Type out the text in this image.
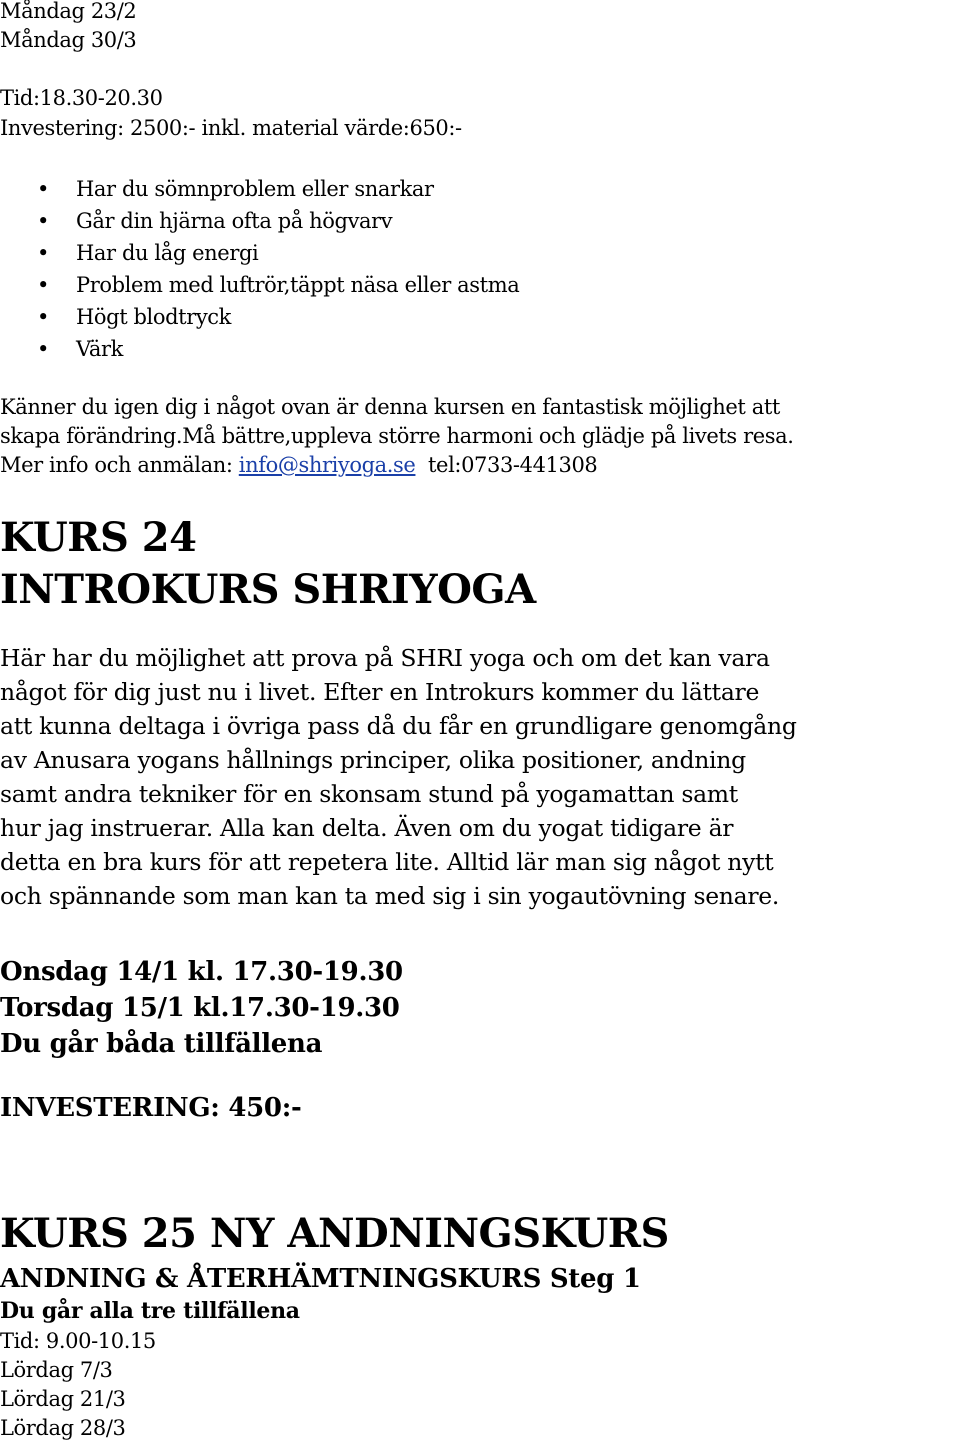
Måndag 23/2
Måndag 30/3
Tid:18.30-20.30
Investering: 2500:- inkl. material värde:650:-
• Har du sömnproblem eller snarkar
• Går din hjärna ofta på högvarv
• Har du låg energi
• Problem med luftrör,täppt näsa eller astma
• Högt blodtryck
• Värk
Känner du igen dig i något ovan är denna kursen en fantastisk möjlighet att
skapa förändring.Må bättre,uppleva större harmoni och glädje på livets resa.
Mer info och anmälan: info@shriyoga.se tel:0733-441308
KURS 24
INTROKURS SHRIYOGA
Här har du möjlighet att prova på SHRI yoga och om det kan vara
något för dig just nu i livet. Efter en Introkurs kommer du lättare
att kunna deltaga i övriga pass då du får en grundligare genomgång
av Anusara yogans hållnings principer, olika positioner, andning
samt andra tekniker för en skonsam stund på yogamattan samt
hur jag instruerar. Alla kan delta. Även om du yogat tidigare är
detta en bra kurs för att repetera lite. Alltid lär man sig något nytt
och spännande som man kan ta med sig i sin yogautövning senare.
Onsdag 14/1 kl. 17.30-19.30
Torsdag 15/1 kl.17.30-19.30
Du går båda tillfällena
INVESTERING: 450:-
KURS 25 NY ANDNINGSKURS
ANDNING & ÅTERHÄMTNINGSKURS Steg 1
Du går alla tre tillfällena
Tid: 9.00-10.15
Lördag 7/3
Lördag 21/3
Lördag 28/3
